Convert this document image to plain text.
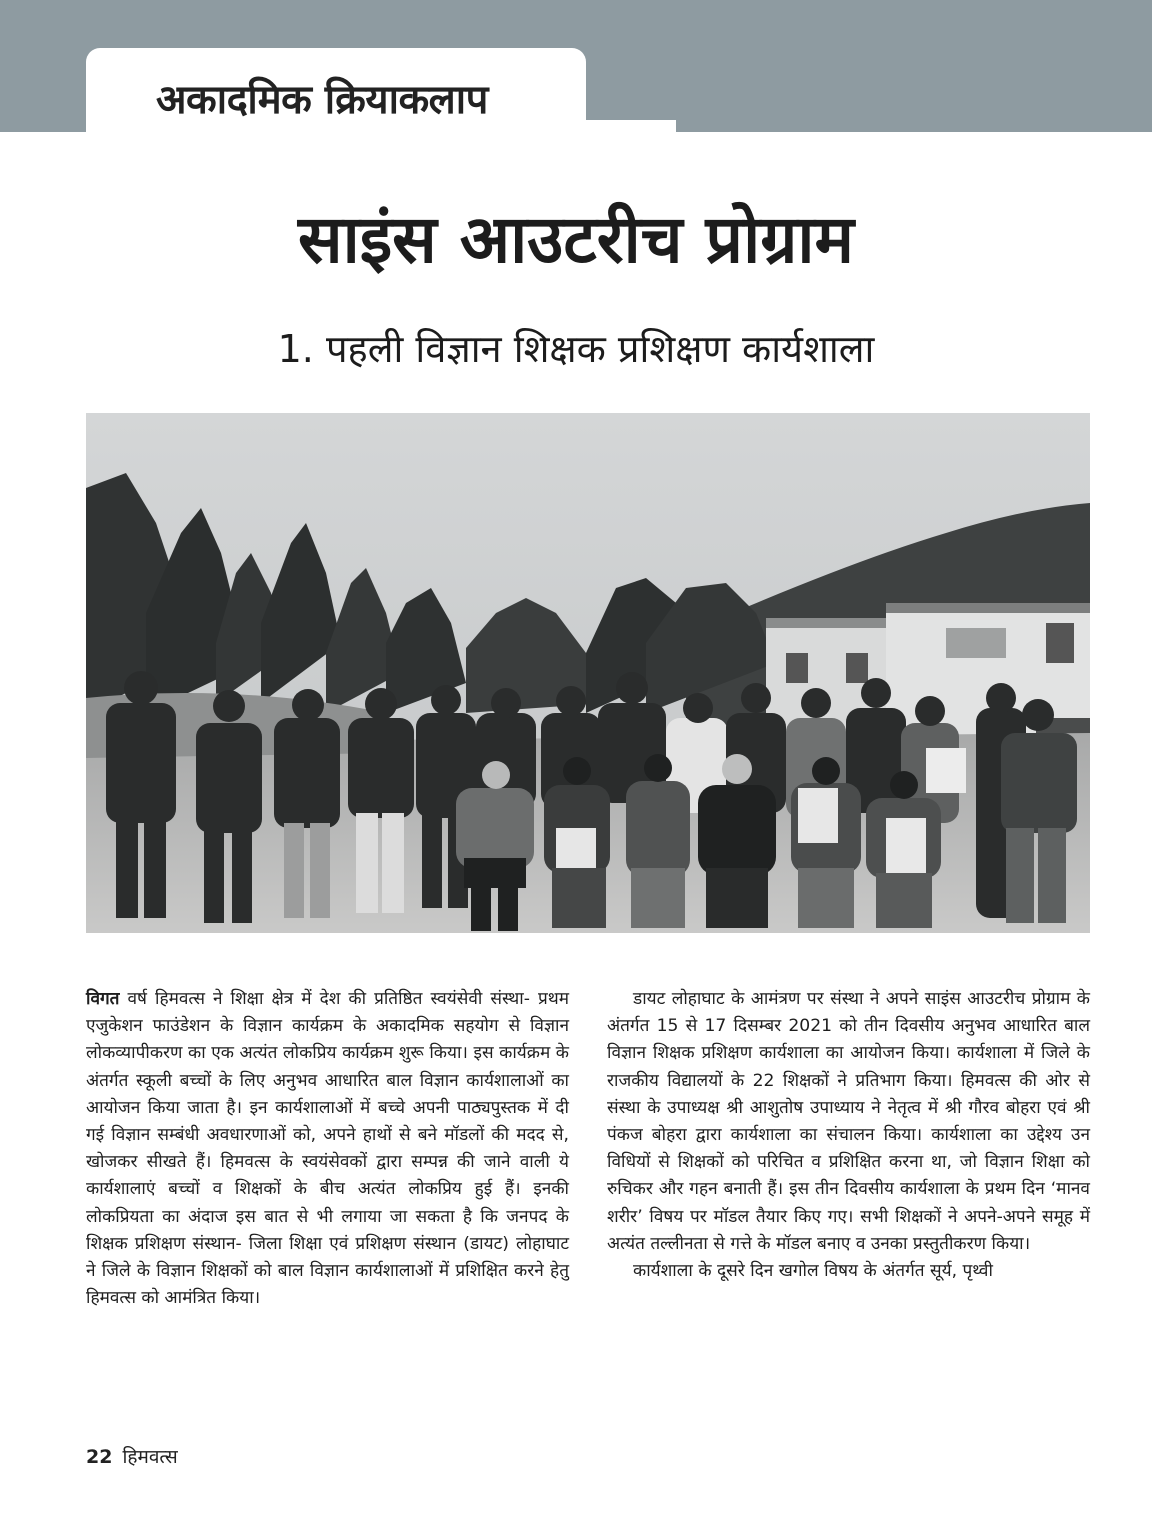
अकादमिक क्रियाकलाप
साइंस आउटरीच प्रोग्राम
1. पहली विज्ञान शिक्षक प्रशिक्षण कार्यशाला

विगत वर्ष हिमवत्स ने शिक्षा क्षेत्र में देश की प्रतिष्ठित स्वयंसेवी संस्था- प्रथम एजुकेशन फाउंडेशन के विज्ञान कार्यक्रम के अकादमिक सहयोग से विज्ञान लोकव्यापीकरण का एक अत्यंत लोकप्रिय कार्यक्रम शुरू किया। इस कार्यक्रम के अंतर्गत स्कूली बच्चों के लिए अनुभव आधारित बाल विज्ञान कार्यशालाओं का आयोजन किया जाता है। इन कार्यशालाओं में बच्चे अपनी पाठ्यपुस्तक में दी गई विज्ञान सम्बंधी अवधारणाओं को, अपने हाथों से बने मॉडलों की मदद से, खोजकर सीखते हैं। हिमवत्स के स्वयंसेवकों द्वारा सम्पन्न की जाने वाली ये कार्यशालाएं बच्चों व शिक्षकों के बीच अत्यंत लोकप्रिय हुई हैं। इनकी लोकप्रियता का अंदाज इस बात से भी लगाया जा सकता है कि जनपद के शिक्षक प्रशिक्षण संस्थान- जिला शिक्षा एवं प्रशिक्षण संस्थान (डायट) लोहाघाट ने जिले के विज्ञान शिक्षकों को बाल विज्ञान कार्यशालाओं में प्रशिक्षित करने हेतु हिमवत्स को आमंत्रित किया।

डायट लोहाघाट के आमंत्रण पर संस्था ने अपने साइंस आउटरीच प्रोग्राम के अंतर्गत 15 से 17 दिसम्बर 2021 को तीन दिवसीय अनुभव आधारित बाल विज्ञान शिक्षक प्रशिक्षण कार्यशाला का आयोजन किया। कार्यशाला में जिले के राजकीय विद्यालयों के 22 शिक्षकों ने प्रतिभाग किया। हिमवत्स की ओर से संस्था के उपाध्यक्ष श्री आशुतोष उपाध्याय ने नेतृत्व में श्री गौरव बोहरा एवं श्री पंकज बोहरा द्वारा कार्यशाला का संचालन किया। कार्यशाला का उद्देश्य उन विधियों से शिक्षकों को परिचित व प्रशिक्षित करना था, जो विज्ञान शिक्षा को रुचिकर और गहन बनाती हैं। इस तीन दिवसीय कार्यशाला के प्रथम दिन ‘मानव शरीर’ विषय पर मॉडल तैयार किए गए। सभी शिक्षकों ने अपने-अपने समूह में अत्यंत तल्लीनता से गत्ते के मॉडल बनाए व उनका प्रस्तुतीकरण किया।

कार्यशाला के दूसरे दिन खगोल विषय के अंतर्गत सूर्य, पृथ्वी

22 हिमवत्स
